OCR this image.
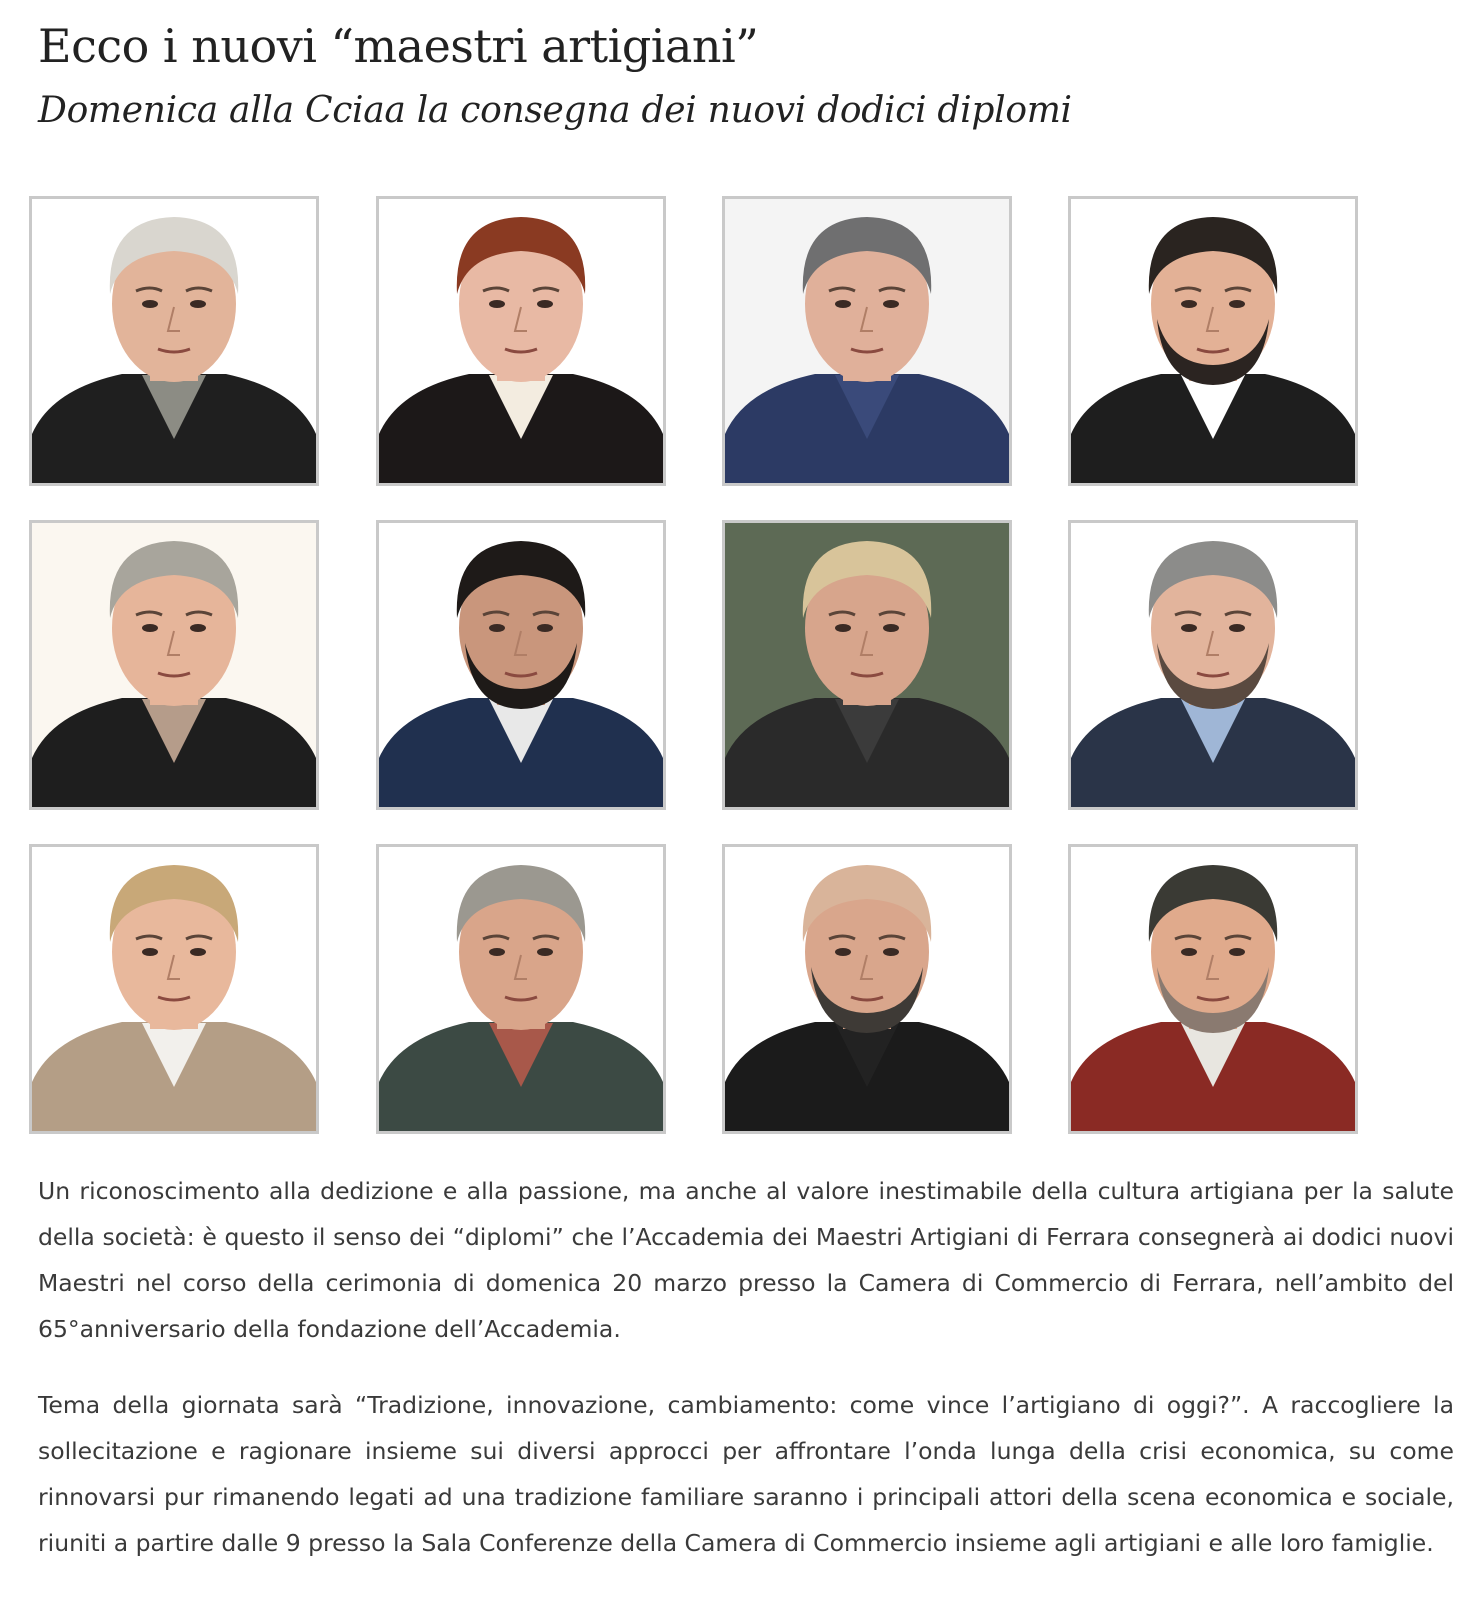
Ecco i nuovi “maestri artigiani”
Domenica alla Cciaa la consegna dei nuovi dodici diplomi

Un riconoscimento alla dedizione e alla passione, ma anche al valore inestimabile della cultura artigiana per la salute della società: è questo il senso dei “diplomi” che l’Accademia dei Maestri Artigiani di Ferrara consegnerà ai dodici nuovi Maestri nel corso della cerimonia di domenica 20 marzo presso la Camera di Commercio di Ferrara, nell’ambito del 65°anniversario della fondazione dell’Accademia.

Tema della giornata sarà “Tradizione, innovazione, cambiamento: come vince l’artigiano di oggi?”. A raccogliere la sollecitazione e ragionare insieme sui diversi approcci per affrontare l’onda lunga della crisi economica, su come rinnovarsi pur rimanendo legati ad una tradizione familiare saranno i principali attori della scena economica e sociale, riuniti a partire dalle 9 presso la Sala Conferenze della Camera di Commercio insieme agli artigiani e alle loro famiglie.
